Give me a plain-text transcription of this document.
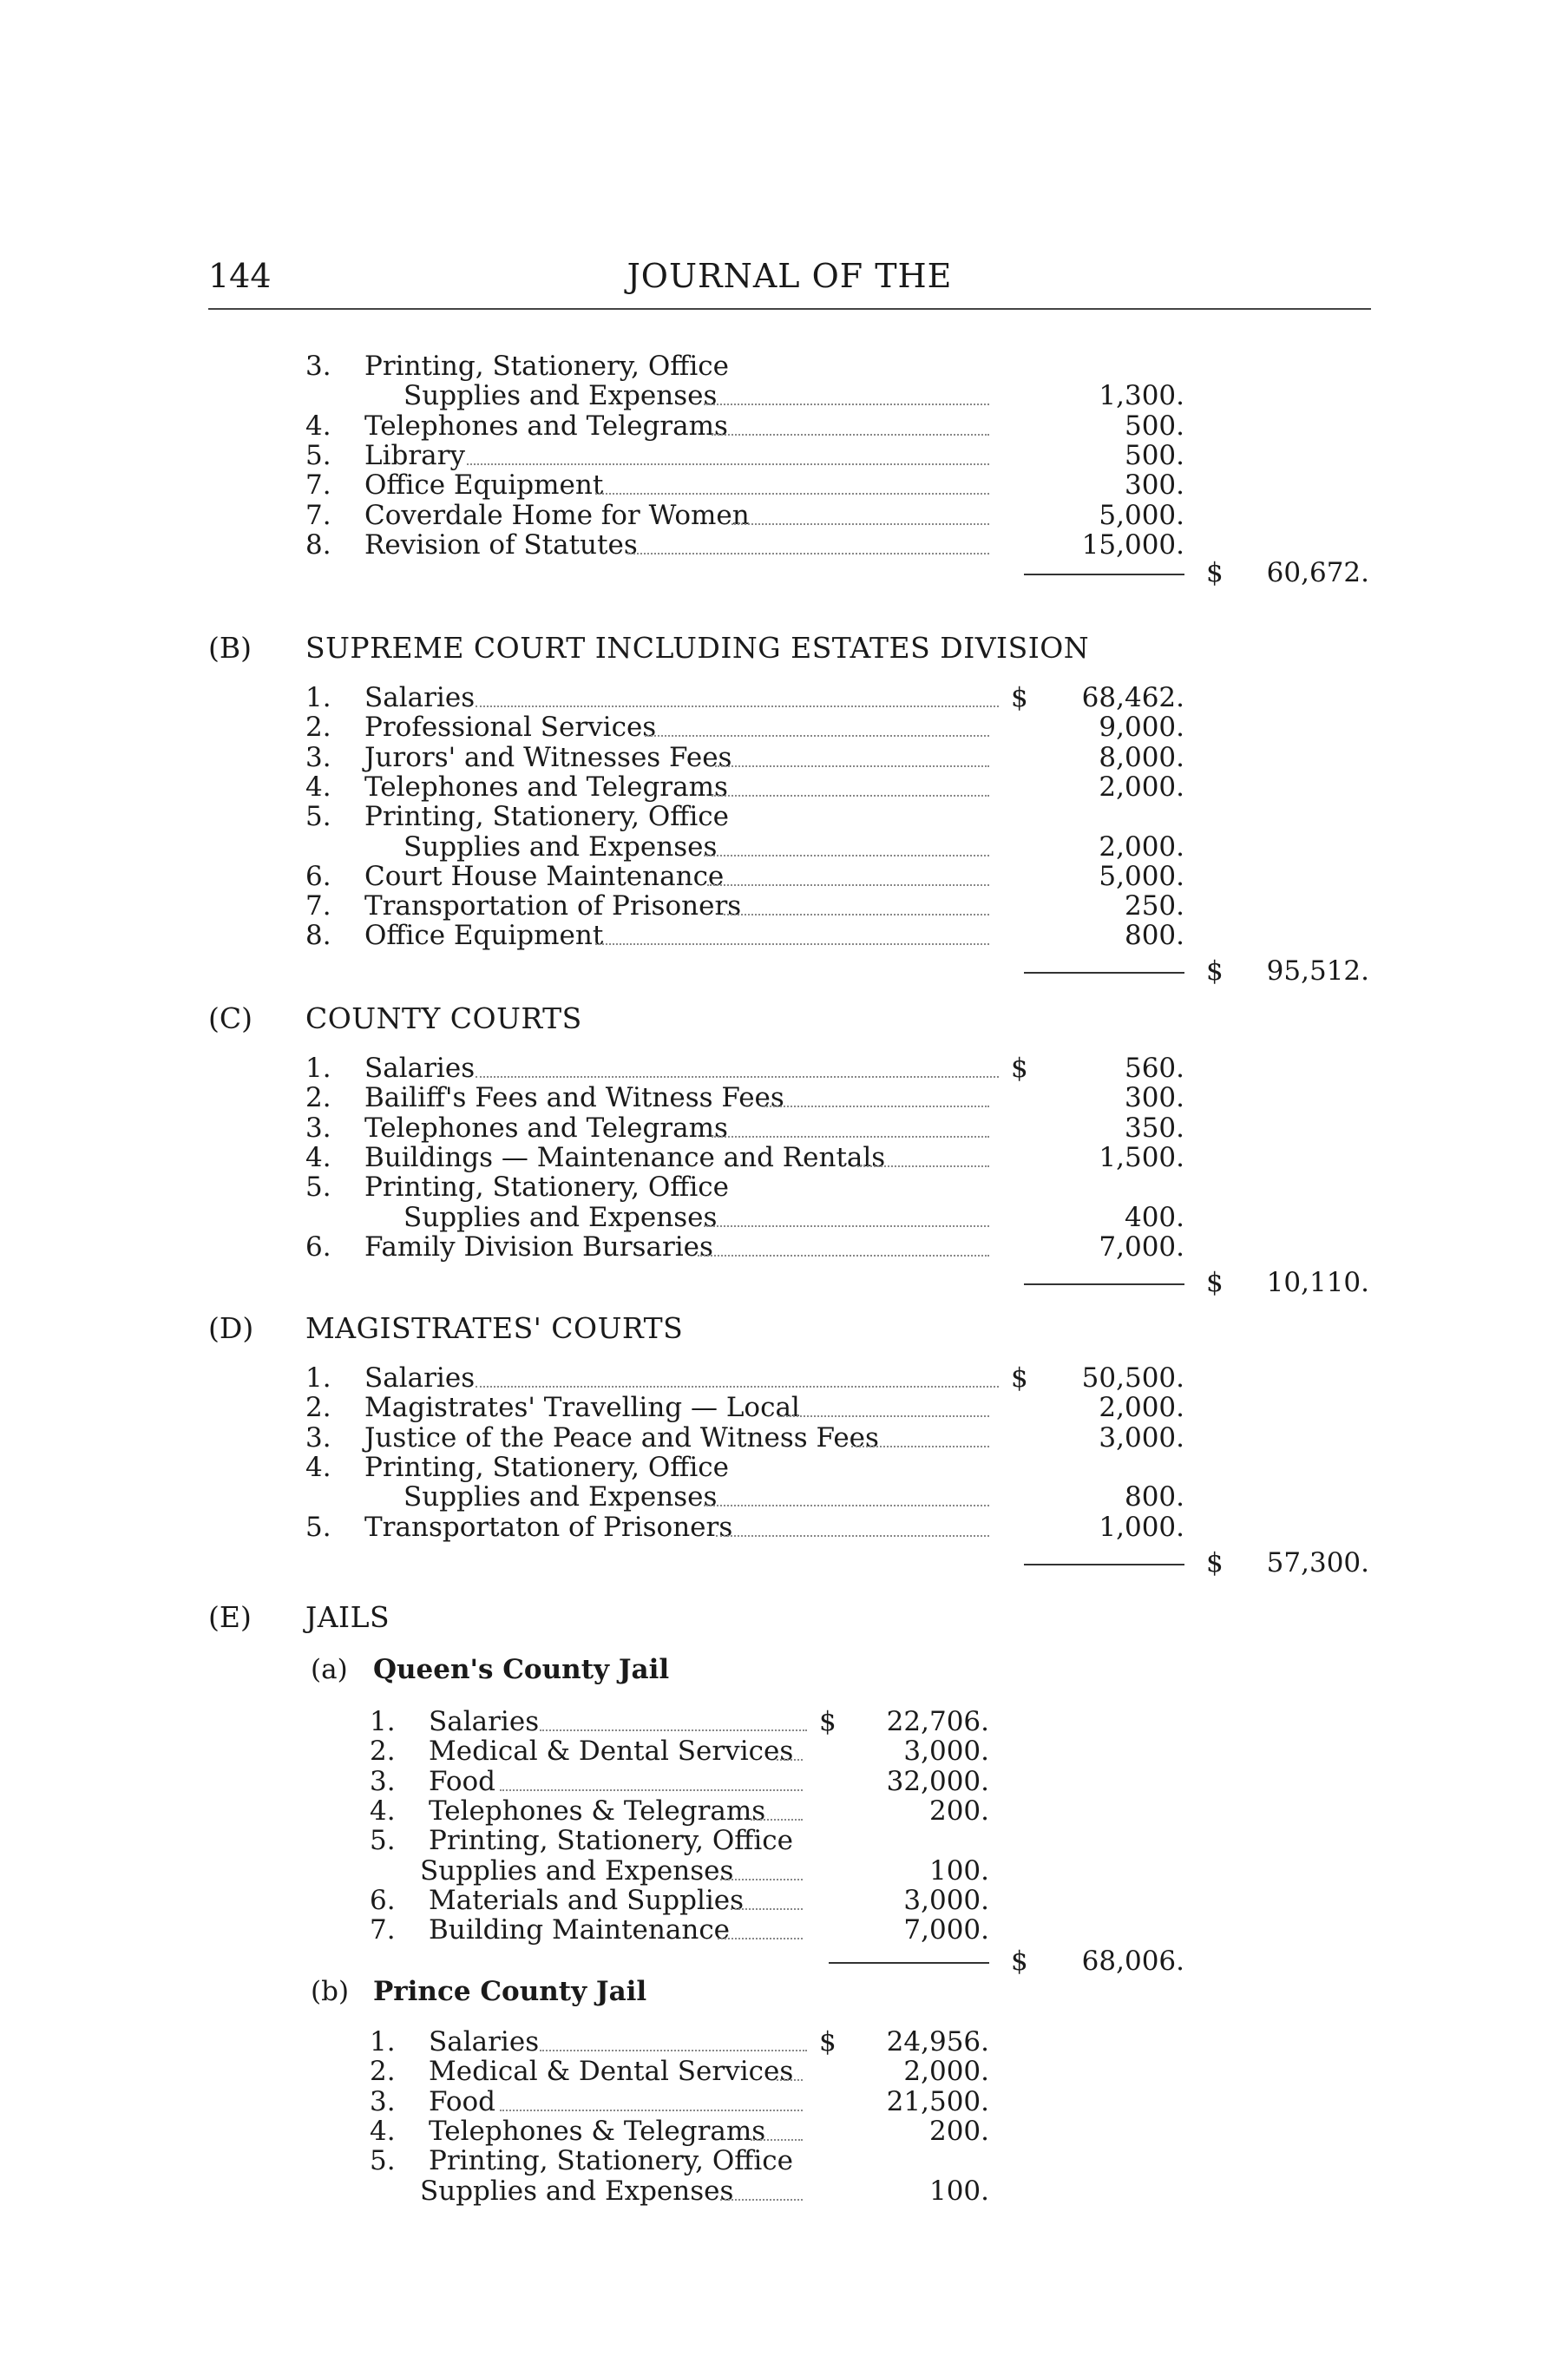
144	JOURNAL OF THE
3. Printing, Stationery, Office
Supplies and Expenses	1,300.
4. Telephones and Telegrams	500.
5. Library	500.
7. Office Equipment	300.
7. Coverdale Home for Women	5,000.
8. Revision of Statutes	15,000.
$	60,672.
(B) SUPREME COURT INCLUDING ESTATES DIVISION
1. Salaries	$	68,462.
2. Professional Services	9,000.
3. Jurors' and Witnesses Fees	8,000.
4. Telephones and Telegrams	2,000.
5. Printing, Stationery, Office
Supplies and Expenses	2,000.
6. Court House Maintenance	5,000.
7. Transportation of Prisoners	250.
8. Office Equipment	800.
$	95,512.
(C) COUNTY COURTS
1. Salaries	$	560.
2. Bailiff's Fees and Witness Fees	300.
3. Telephones and Telegrams	350.
4. Buildings — Maintenance and Rentals	1,500.
5. Printing, Stationery, Office
Supplies and Expenses	400.
6. Family Division Bursaries	7,000.
$	10,110.
(D) MAGISTRATES' COURTS
1. Salaries	$	50,500.
2. Magistrates' Travelling — Local	2,000.
3. Justice of the Peace and Witness Fees	3,000.
4. Printing, Stationery, Office
Supplies and Expenses	800.
5. Transportaton of Prisoners	1,000.
$	57,300.
(E) JAILS
(a) Queen's County Jail
1. Salaries	$	22,706.
2. Medical & Dental Services	3,000.
3. Food	32,000.
4. Telephones & Telegrams	200.
5. Printing, Stationery, Office
Supplies and Expenses	100.
6. Materials and Supplies	3,000.
7. Building Maintenance	7,000.
$	68,006.
(b) Prince County Jail
1. Salaries	$	24,956.
2. Medical & Dental Services	2,000.
3. Food	21,500.
4. Telephones & Telegrams	200.
5. Printing, Stationery, Office
Supplies and Expenses	100.
